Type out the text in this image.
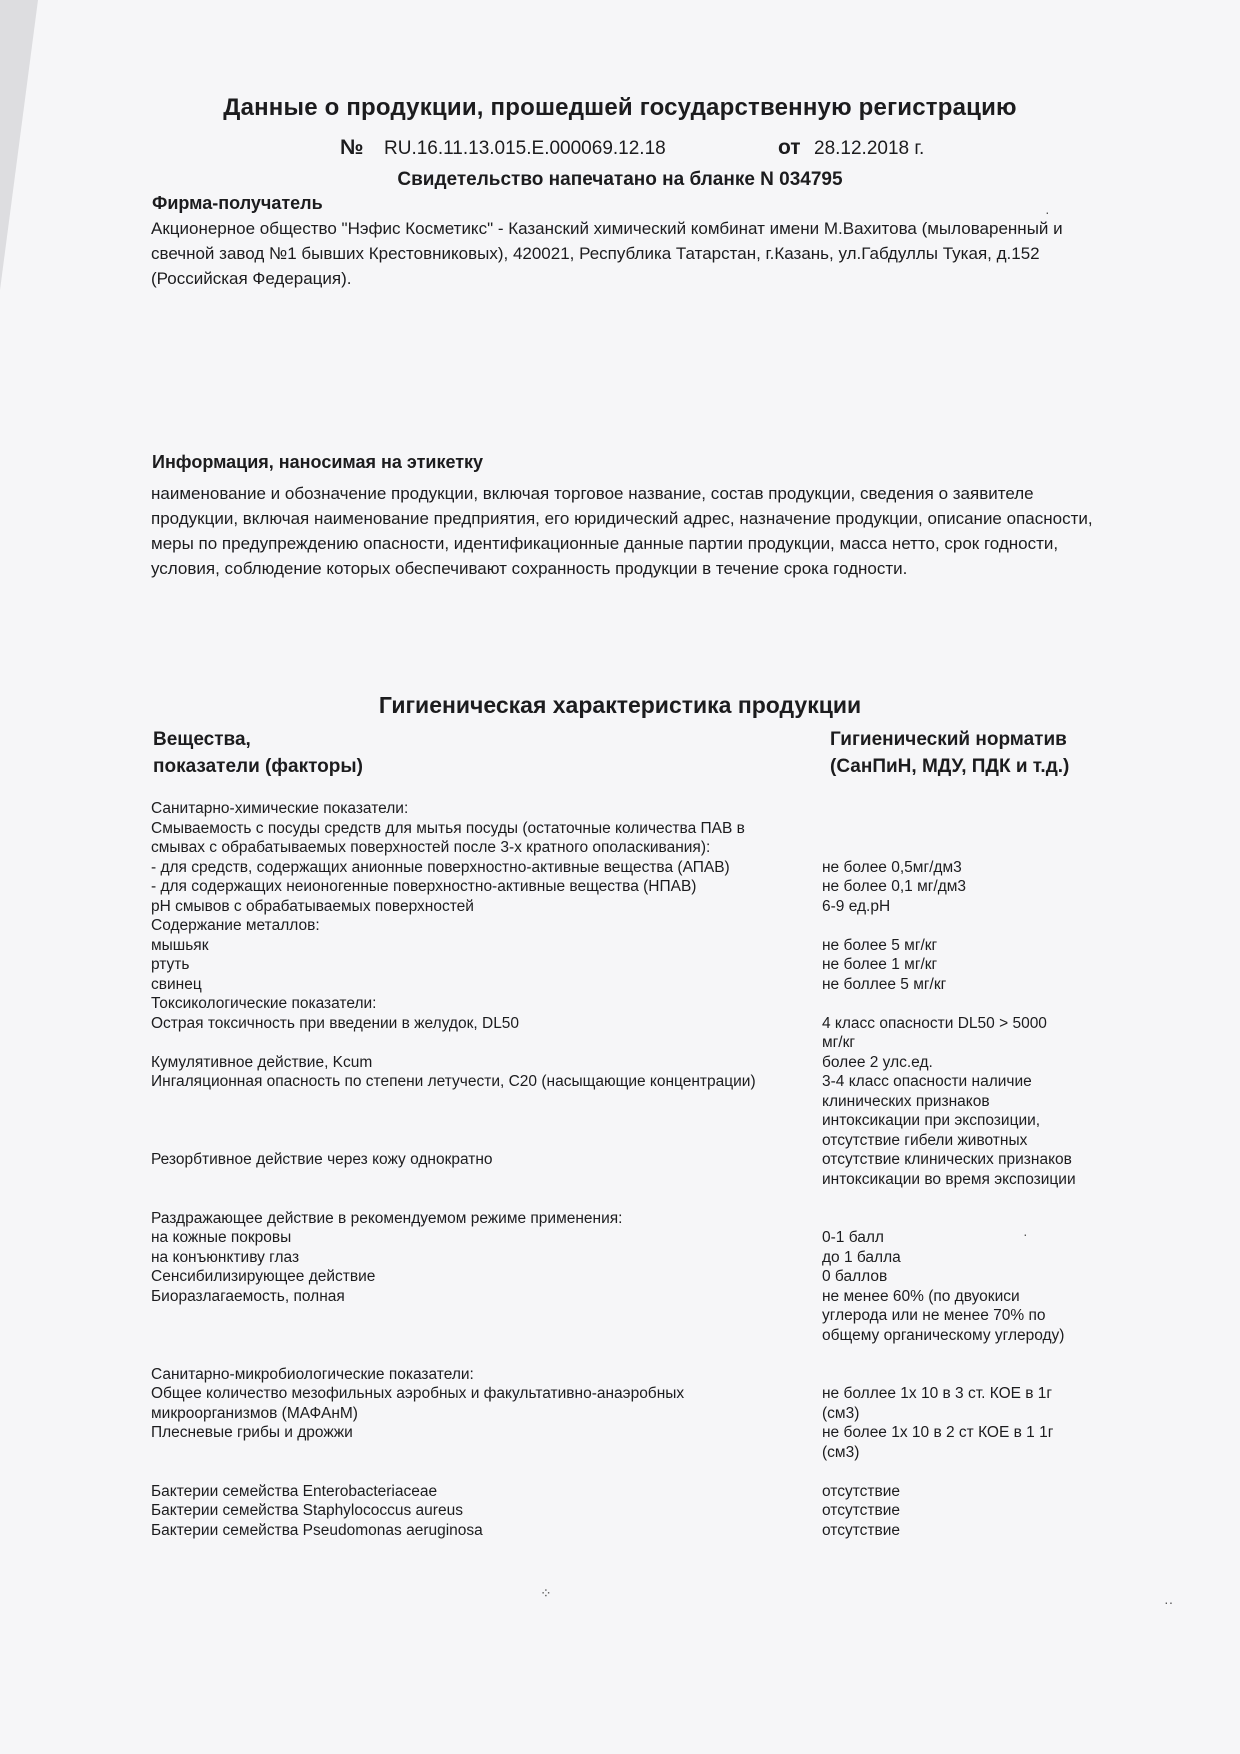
Данные о продукции, прошедшей государственную регистрацию
№ RU.16.11.13.015.Е.000069.12.18	от 28.12.2018 г.
Свидетельство напечатано на бланке N 034795
Фирма-получатель
Акционерное общество "Нэфис Косметикс" - Казанский химический комбинат имени М.Вахитова (мыловаренный и
свечной завод №1 бывших Крестовниковых), 420021, Республика Татарстан, г.Казань, ул.Габдуллы Тукая, д.152
(Российская Федерация).
Информация, наносимая на этикетку
наименование и обозначение продукции, включая торговое название, состав продукции, сведения о заявителе
продукции, включая наименование предприятия, его юридический адрес, назначение продукции, описание опасности,
меры по предупреждению опасности, идентификационные данные партии продукции, масса нетто, срок годности,
условия, соблюдение которых обеспечивают сохранность продукции в течение срока годности.
Гигиеническая характеристика продукции
Вещества,
показатели (факторы)
Гигиенический норматив
(СанПиН, МДУ, ПДК и т.д.)
Санитарно-химические показатели:
Смываемость с посуды средств для мытья посуды (остаточные количества ПАВ в
смывах с обрабатываемых поверхностей после 3-х кратного ополаскивания):
- для средств, содержащих анионные поверхностно-активные вещества (АПАВ)	не более 0,5мг/дм3
- для содержащих неионогенные поверхностно-активные вещества (НПАВ)	не более 0,1 мг/дм3
рН смывов с обрабатываемых поверхностей	6-9 ед.рН
Содержание металлов:
мышьяк	не более 5 мг/кг
ртуть	не более 1 мг/кг
свинец	не боллее 5 мг/кг
Токсикологические показатели:
Острая токсичность при введении в желудок, DL50	4 класс опасности DL50 > 5000
мг/кг
Кумулятивное действие, Kcum	более 2 улс.ед.
Ингаляционная опасность по степени летучести, С20 (насыщающие концентрации)	3-4 класс опасности наличие
клинических признаков
интоксикации при экспозиции,
отсутствие гибели животных
Резорбтивное действие через кожу однократно	отсутствие клинических признаков
интоксикации во время экспозиции
Раздражающее действие в рекомендуемом режиме применения:
на кожные покровы	0-1 балл
на конъюнктиву глаз	до 1 балла
Сенсибилизирующее действие	0 баллов
Биоразлагаемость, полная	не менее 60% (по двуокиси
углерода или не менее 70% по
общему органическому углероду)
Санитарно-микробиологические показатели:
Общее количество мезофильных аэробных и факультативно-анаэробных	не боллее 1х 10 в 3 ст. КОЕ в 1г
микроорганизмов (МАФАнМ)	(см3)
Плесневые грибы и дрожжи	не более 1х 10 в 2 ст КОЕ в 1 1г
(см3)
Бактерии семейства Enterobacteriaceae	отсутствие
Бактерии семейства Staphylococcus aureus	отсутствие
Бактерии семейства Pseudomonas aeruginosa	отсутствие
·
·
⁘
··
